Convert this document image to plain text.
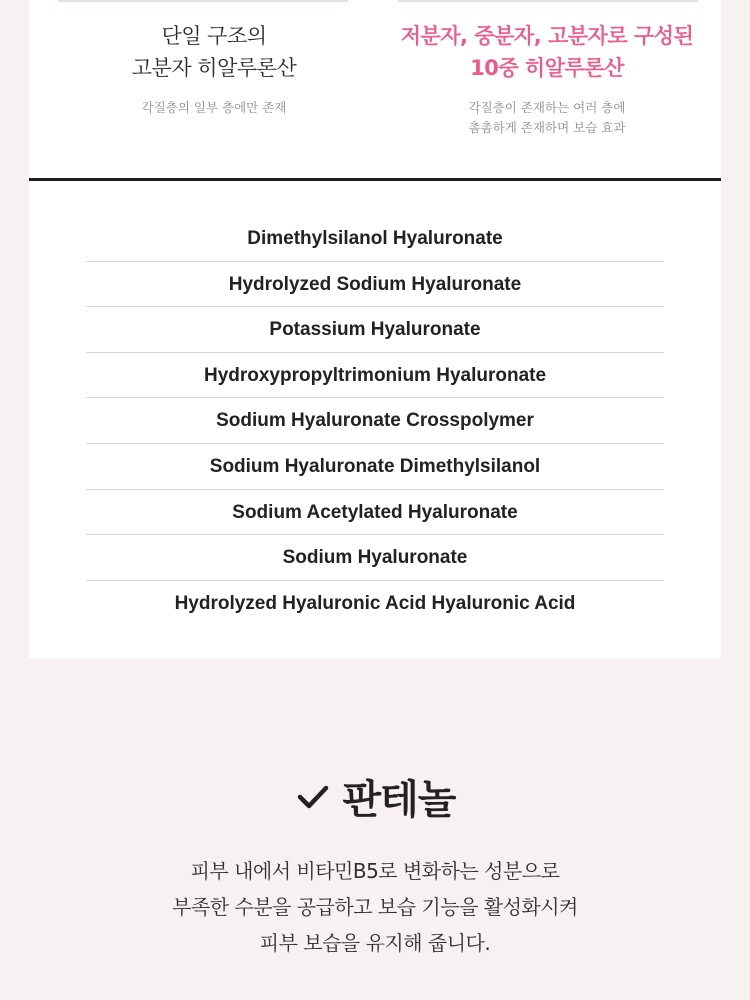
단일 구조의
고분자 히알루론산
각질층의 일부 층에만 존재
저분자, 중분자, 고분자로 구성된
10중 히알루론산
각질층이 존재하는 여러 층에
촘촘하게 존재하며 보습 효과
Dimethylsilanol Hyaluronate
Hydrolyzed Sodium Hyaluronate
Potassium Hyaluronate
Hydroxypropyltrimonium Hyaluronate
Sodium Hyaluronate Crosspolymer
Sodium Hyaluronate Dimethylsilanol
Sodium Acetylated Hyaluronate
Sodium Hyaluronate
Hydrolyzed Hyaluronic Acid Hyaluronic Acid
판테놀

피부 내에서 비타민B5로 변화하는 성분으로

부족한 수분을 공급하고 보습 기능을 활성화시켜

피부 보습을 유지해 줍니다.
